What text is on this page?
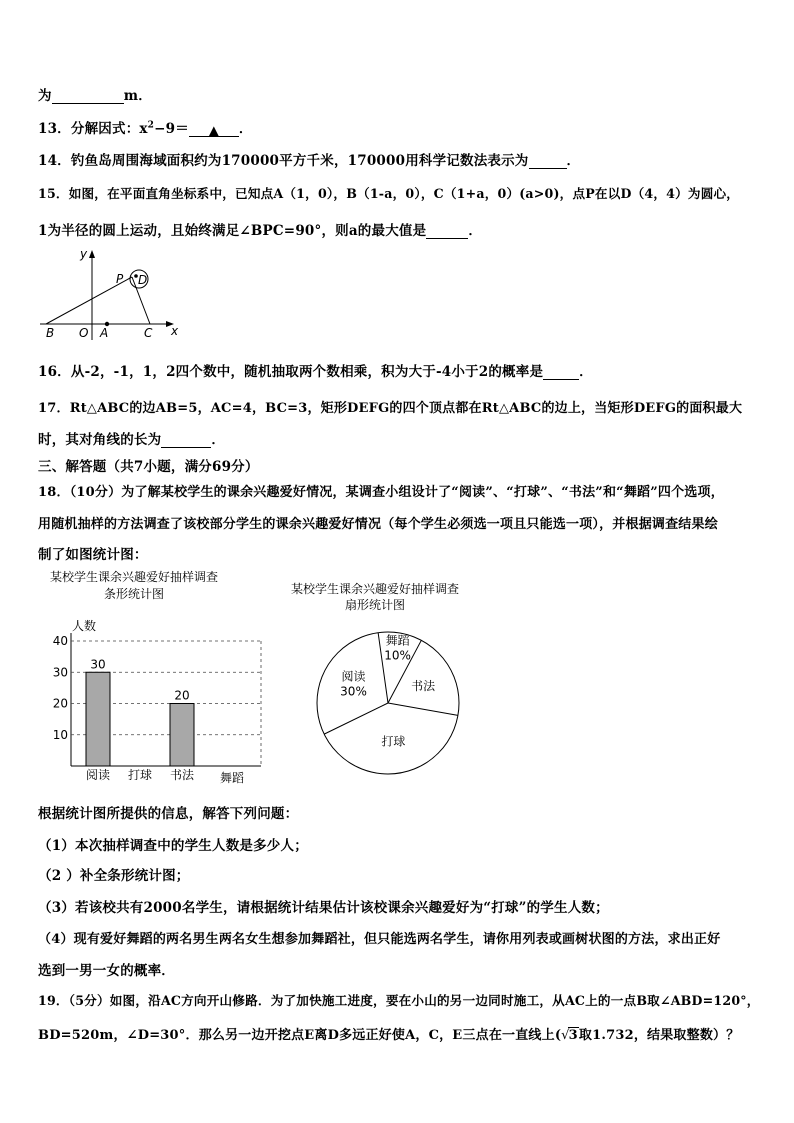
为	m．
13．分解因式：$x^2-9=$ ▲ ．
14．钓鱼岛周围海域面积约为170000平方千米，170000用科学记数法表示为	．
15．如图，在平面直角坐标系中，已知点A（1，0），B（1-a，0），C（1+a，0）(a>0)，点P在以D（4，4）为圆心，
1为半径的圆上运动，且始终满足∠BPC=90°，则a的最大值是	．
y
x
B O A	C
P D
16．从-2，-1，1，2四个数中，随机抽取两个数相乘，积为大于-4小于2的概率是	．
17．Rt△ABC的边AB=5，AC=4，BC=3，矩形DEFG的四个顶点都在Rt△ABC的边上，当矩形DEFG的面积最大
时，其对角线的长为	．
三、解答题（共7小题，满分69分）
18．（10分）为了解某校学生的课余兴趣爱好情况，某调查小组设计了“阅读”、“打球”、“书法”和“舞蹈”四个选项，
用随机抽样的方法调查了该校部分学生的课余兴趣爱好情况（每个学生必须选一项且只能选一项），并根据调查结果绘
制了如图统计图：
某校学生课余兴趣爱好抽样调查
条形统计图
人数
10
20
30
40
阅读
30
打球 书法
20
舞蹈
某校学生课余兴趣爱好抽样调查
扇形统计图
舞蹈
10%
书法
打球
阅读
30%
根据统计图所提供的信息，解答下列问题：
（1）本次抽样调查中的学生人数是多少人；
（2 ）补全条形统计图；
（3）若该校共有2000名学生，请根据统计结果估计该校课余兴趣爱好为“打球”的学生人数；
（4）现有爱好舞蹈的两名男生两名女生想参加舞蹈社，但只能选两名学生，请你用列表或画树状图的方法，求出正好
选到一男一女的概率．
19．（5分）如图，沿AC方向开山修路．为了加快施工进度，要在小山的另一边同时施工，从AC上的一点B取∠ABD=120°，
BD=520m，∠D=30°．那么另一边开挖点E离D多远正好使A，C，E三点在一直线上(√3取1.732，结果取整数）？
